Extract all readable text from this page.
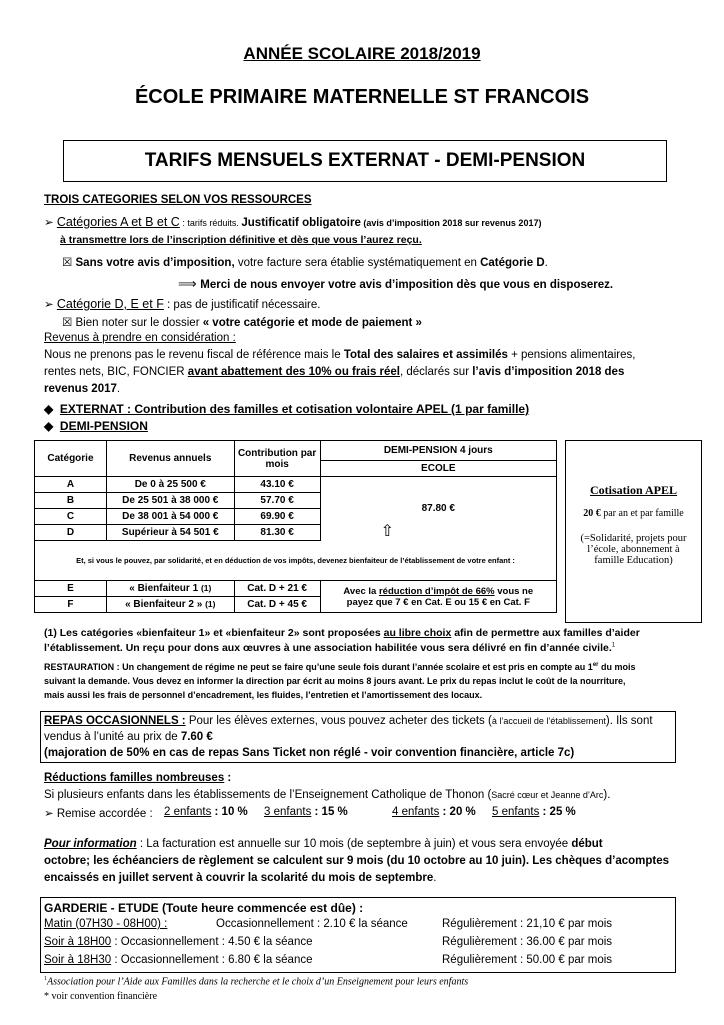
ANNÉE SCOLAIRE 2018/2019
ÉCOLE PRIMAIRE MATERNELLE ST FRANCOIS
TARIFS MENSUELS EXTERNAT - DEMI-PENSION
TROIS CATEGORIES SELON VOS RESSOURCES
➢ Catégories A et B et C : tarifs réduits. Justificatif obligatoire (avis d’imposition 2018 sur revenus 2017)
à transmettre lors de l’inscription définitive et dès que vous l’aurez reçu.
☒ Sans votre avis d’imposition, votre facture sera établie systématiquement en Catégorie D.
⟹ Merci de nous envoyer votre avis d’imposition dès que vous en disposerez.
➢ Catégorie D, E et F : pas de justificatif nécessaire.
☒ Bien noter sur le dossier « votre catégorie et mode de paiement »
Revenus à prendre en considération :
Nous ne prenons pas le revenu fiscal de référence mais le Total des salaires et assimilés + pensions alimentaires,
rentes nets, BIC, FONCIER avant abattement des 10% ou frais réel, déclarés sur l’avis d’imposition 2018 des
revenus 2017.
◆  EXTERNAT : Contribution des familles et cotisation volontaire APEL (1 par famille)
◆  DEMI-PENSION
Catégorie	Revenus annuels	Contribution par mois	DEMI-PENSION 4 jours
			ECOLE
A	De 0 à 25 500 €	43.10 €	87.80 €
⇧

B	De 25 501 à 38 000 €	57.70 €	
C	De 38 001 à 54 000 €	69.90 €	
D	Supérieur à 54 501 €	81.30 €	
Et, si vous le pouvez, par solidarité, et en déduction de vos impôts, devenez bienfaiteur de l’établissement de votre enfant :			
E	« Bienfaiteur 1 (1)	Cat. D + 21 €	Avec la réduction d’impôt de 66% vous ne
payez que 7 € en Cat. E ou 15 € en Cat. F

F	« Bienfaiteur 2 » (1)	Cat. D + 45 €	
Cotisation APEL
20 € par an et par famille
(=Solidarité, projets pour
l’école, abonnement à
famille Education)
(1) Les catégories «bienfaiteur 1» et «bienfaiteur 2» sont proposées au libre choix afin de permettre aux familles d’aider
l’établissement. Un reçu pour dons aux œuvres à une association habilitée vous sera délivré en fin d’année civile.$^1$
RESTAURATION : Un changement de régime ne peut se faire qu’une seule fois durant l’année scolaire et est pris en compte au 1er du mois
suivant la demande. Vous devez en informer la direction par écrit au moins 8 jours avant. Le prix du repas inclut le coût de la nourriture,
mais aussi les frais de personnel d’encadrement, les fluides, l’entretien et l’amortissement des locaux.
REPAS OCCASIONNELS : Pour les élèves externes, vous pouvez acheter des tickets (à l’accueil de l’établissement). Ils sont
vendus à l’unité au prix de 7.60 €
(majoration de 50% en cas de repas Sans Ticket non réglé - voir convention financière, article 7c)
Réductions familles nombreuses :
Si plusieurs enfants dans les établissements de l’Enseignement Catholique de Thonon (Sacré cœur et Jeanne d’Arc).
➢ Remise accordée : 2 enfants : 10 % 3 enfants : 15 %	4 enfants : 20 % 5 enfants : 25 %
Pour information : La facturation est annuelle sur 10 mois (de septembre à juin) et vous sera envoyée début
octobre; les échéanciers de règlement se calculent sur 9 mois (du 10 octobre au 10 juin). Les chèques d’acomptes
encaissés en juillet servent à couvrir la scolarité du mois de septembre.
GARDERIE - ETUDE (Toute heure commencée est dûe) :
Matin (07H30 - 08H00) :	Occasionnellement : 2.10 € la séance	Régulièrement : 21,10 € par mois
Soir à 18H00 : Occasionnellement : 4.50 € la séance	Régulièrement : 36.00 € par mois
Soir à 18H30 : Occasionnellement : 6.80 € la séance	Régulièrement : 50.00 € par mois
$^1$Association pour l’Aide aux Familles dans la recherche et le choix d’un Enseignement pour leurs enfants
* voir convention financière
